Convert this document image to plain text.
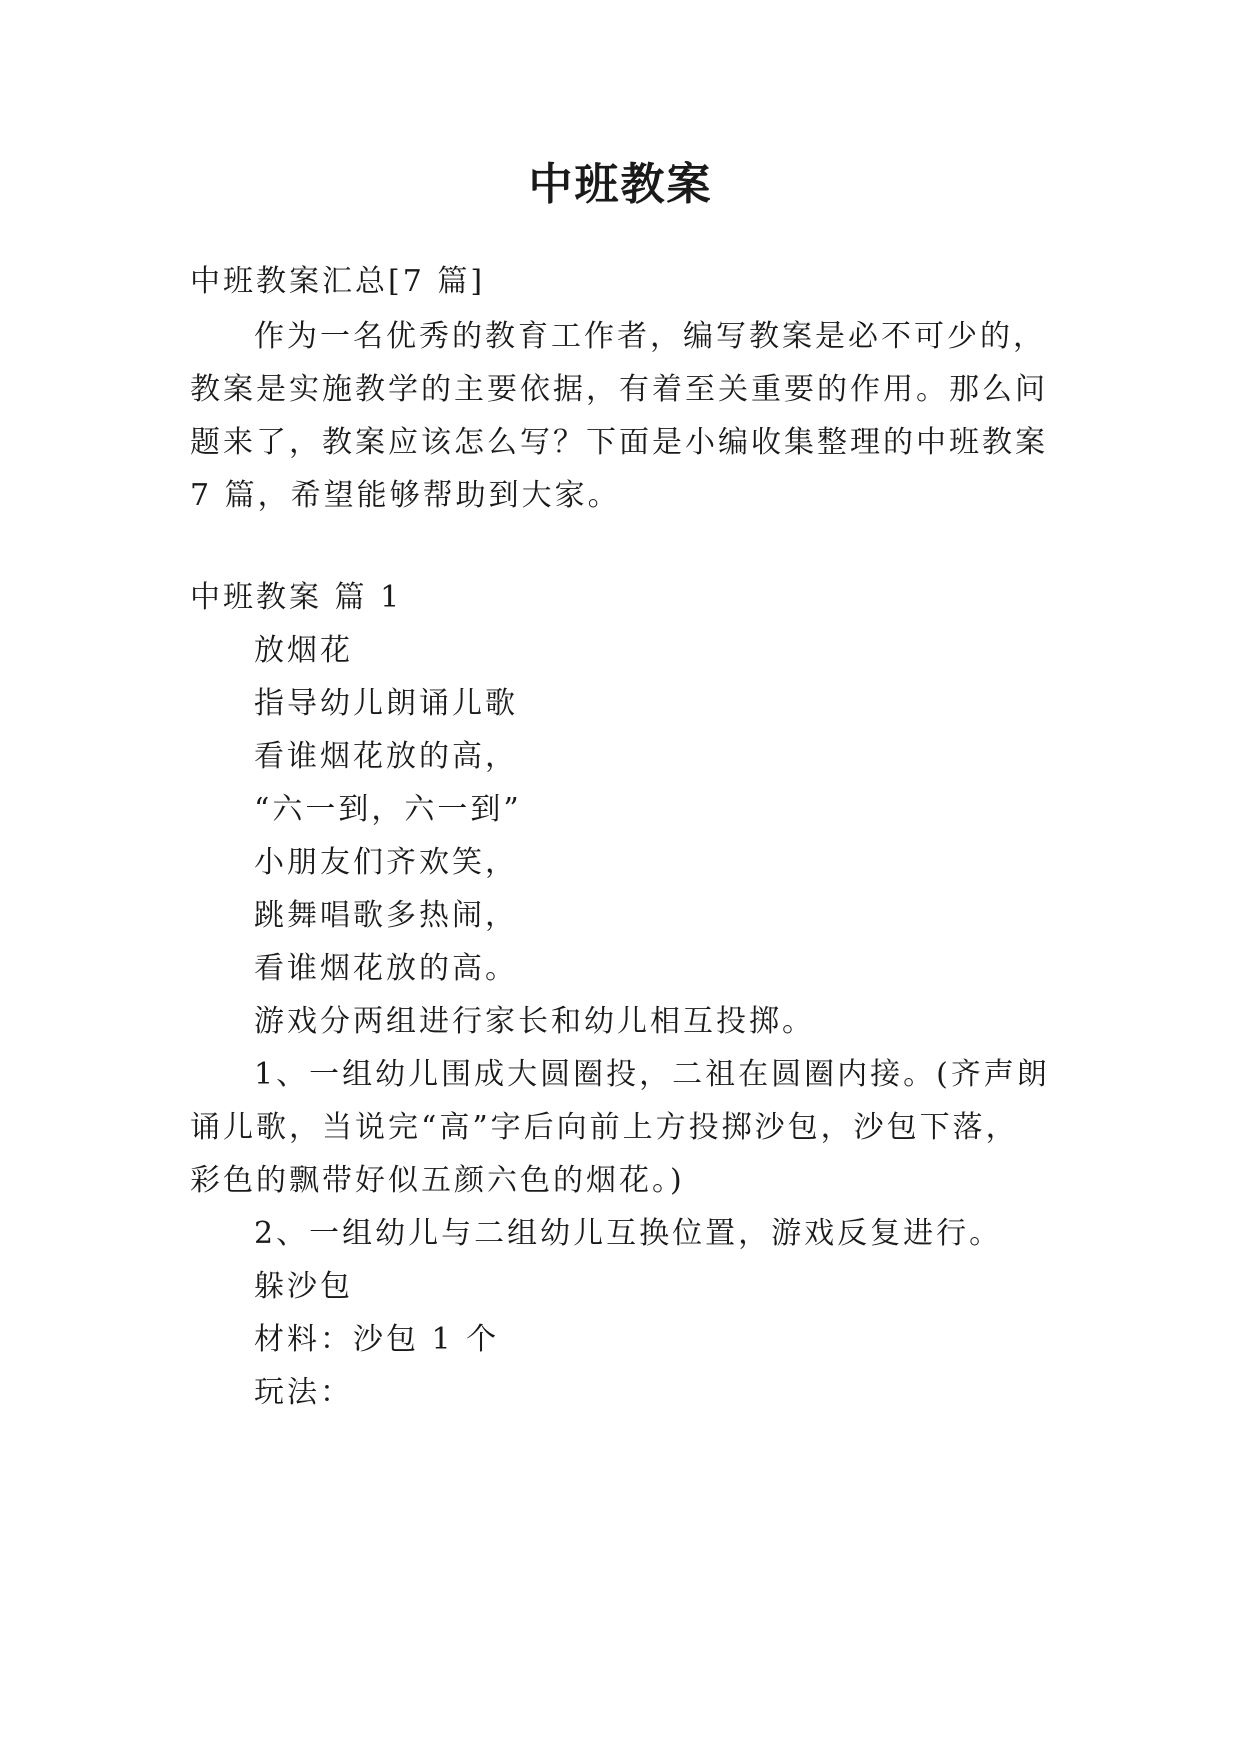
中班教案
中班教案汇总[7 篇]
作为一名优秀的教育工作者，编写教案是必不可少的，
教案是实施教学的主要依据，有着至关重要的作用。那么问
题来了，教案应该怎么写？下面是小编收集整理的中班教案
7 篇，希望能够帮助到大家。
中班教案 篇 1
放烟花
指导幼儿朗诵儿歌
看谁烟花放的高，
“六一到，六一到”
小朋友们齐欢笑，
跳舞唱歌多热闹，
看谁烟花放的高。
游戏分两组进行家长和幼儿相互投掷。
1、一组幼儿围成大圆圈投，二祖在圆圈内接。(齐声朗
诵儿歌，当说完“高”字后向前上方投掷沙包，沙包下落，
彩色的飘带好似五颜六色的烟花。)
2、一组幼儿与二组幼儿互换位置，游戏反复进行。
躲沙包
材料：沙包 1 个
玩法：
